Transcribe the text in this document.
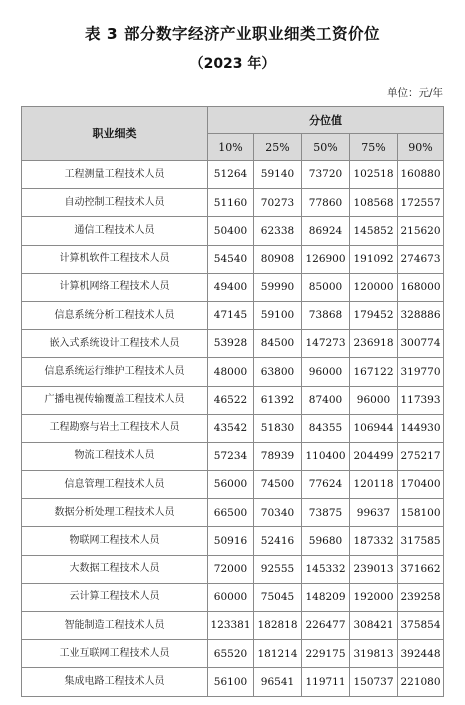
表 3 部分数字经济产业职业细类工资价位
（2023 年）
单位：元/年
职业细类	分位值				
	10%	25%	50%	75%	90%
工程测量工程技术人员	51264	59140	73720	102518	160880
自动控制工程技术人员	51160	70273	77860	108568	172557
通信工程技术人员	50400	62338	86924	145852	215620
计算机软件工程技术人员	54540	80908	126900	191092	274673
计算机网络工程技术人员	49400	59990	85000	120000	168000
信息系统分析工程技术人员	47145	59100	73868	179452	328886
嵌入式系统设计工程技术人员	53928	84500	147273	236918	300774
信息系统运行维护工程技术人员	48000	63800	96000	167122	319770
广播电视传输覆盖工程技术人员	46522	61392	87400	96000	117393
工程勘察与岩土工程技术人员	43542	51830	84355	106944	144930
物流工程技术人员	57234	78939	110400	204499	275217
信息管理工程技术人员	56000	74500	77624	120118	170400
数据分析处理工程技术人员	66500	70340	73875	99637	158100
物联网工程技术人员	50916	52416	59680	187332	317585
大数据工程技术人员	72000	92555	145332	239013	371662
云计算工程技术人员	60000	75045	148209	192000	239258
智能制造工程技术人员	123381	182818	226477	308421	375854
工业互联网工程技术人员	65520	181214	229175	319813	392448
集成电路工程技术人员	56100	96541	119711	150737	221080
